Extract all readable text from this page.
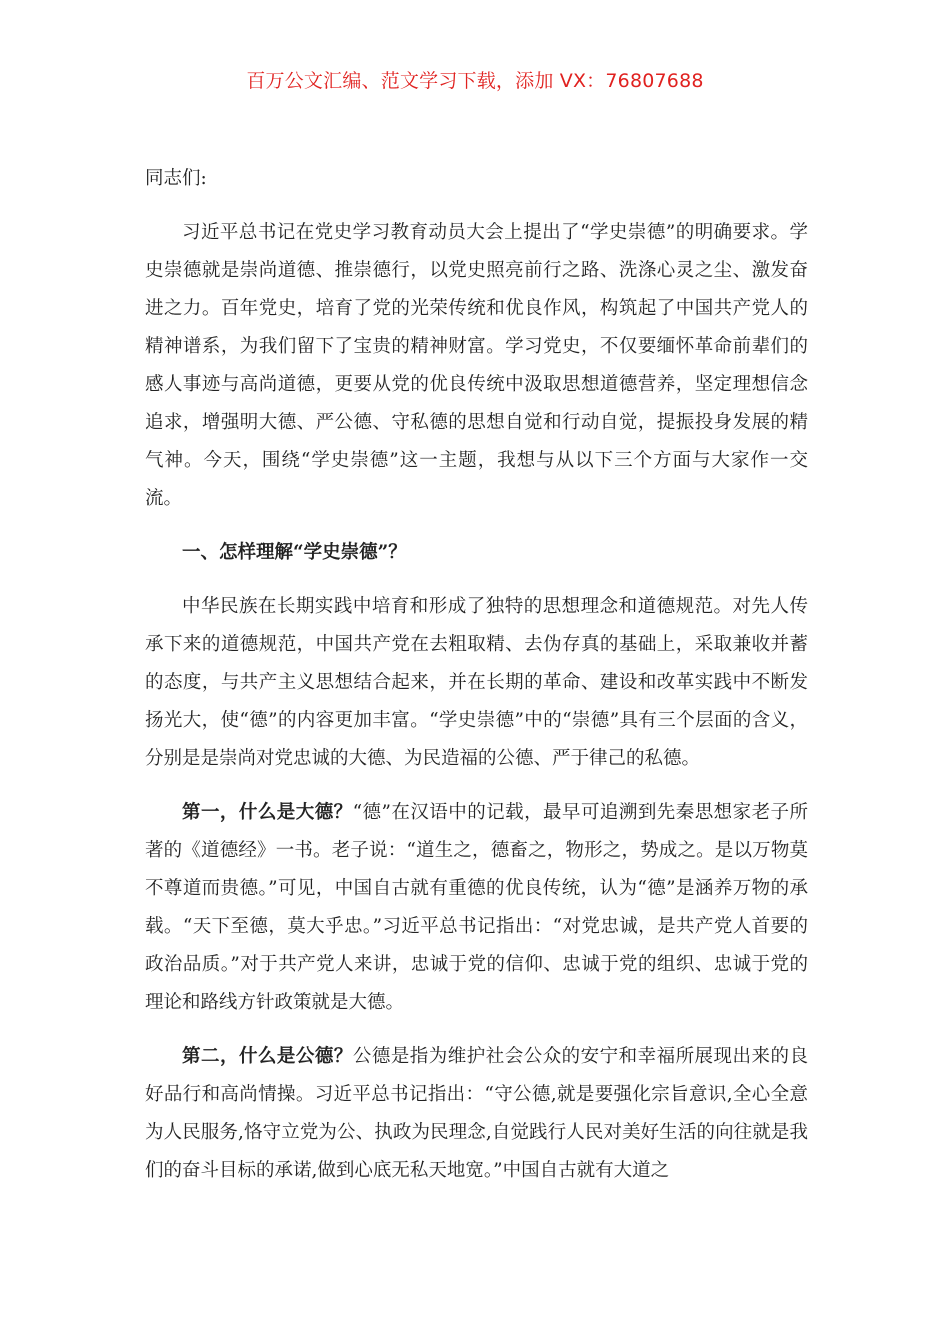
百万公文汇编、范文学习下载，添加 VX：76807688

同志们:

习近平总书记在党史学习教育动员大会上提出了“学史崇德”的明确要求。学史崇德就是崇尚道德、推崇德行，以党史照亮前行之路、洗涤心灵之尘、激发奋进之力。百年党史，培育了党的光荣传统和优良作风，构筑起了中国共产党人的精神谱系，为我们留下了宝贵的精神财富。学习党史，不仅要缅怀革命前辈们的感人事迹与高尚道德，更要从党的优良传统中汲取思想道德营养，坚定理想信念追求，增强明大德、严公德、守私德的思想自觉和行动自觉，提振投身发展的精气神。今天，围绕“学史崇德”这一主题，我想与从以下三个方面与大家作一交流。

一、怎样理解“学史崇德”？

中华民族在长期实践中培育和形成了独特的思想理念和道德规范。对先人传承下来的道德规范，中国共产党在去粗取精、去伪存真的基础上，采取兼收并蓄的态度，与共产主义思想结合起来，并在长期的革命、建设和改革实践中不断发扬光大，使“德”的内容更加丰富。“学史崇德”中的“崇德”具有三个层面的含义，分别是是崇尚对党忠诚的大德、为民造福的公德、严于律己的私德。

第一，什么是大德？“德”在汉语中的记载，最早可追溯到先秦思想家老子所著的《道德经》一书。老子说：“道生之，德畜之，物形之，势成之。是以万物莫不尊道而贵德。”可见，中国自古就有重德的优良传统，认为“德”是涵养万物的承载。“天下至德，莫大乎忠。”习近平总书记指出：“对党忠诚，是共产党人首要的政治品质。”对于共产党人来讲，忠诚于党的信仰、忠诚于党的组织、忠诚于党的理论和路线方针政策就是大德。

第二，什么是公德？公德是指为维护社会公众的安宁和幸福所展现出来的良好品行和高尚情操。习近平总书记指出：“守公德,就是要强化宗旨意识,全心全意为人民服务,恪守立党为公、执政为民理念,自觉践行人民对美好生活的向往就是我们的奋斗目标的承诺,做到心底无私天地宽。”中国自古就有大道之
